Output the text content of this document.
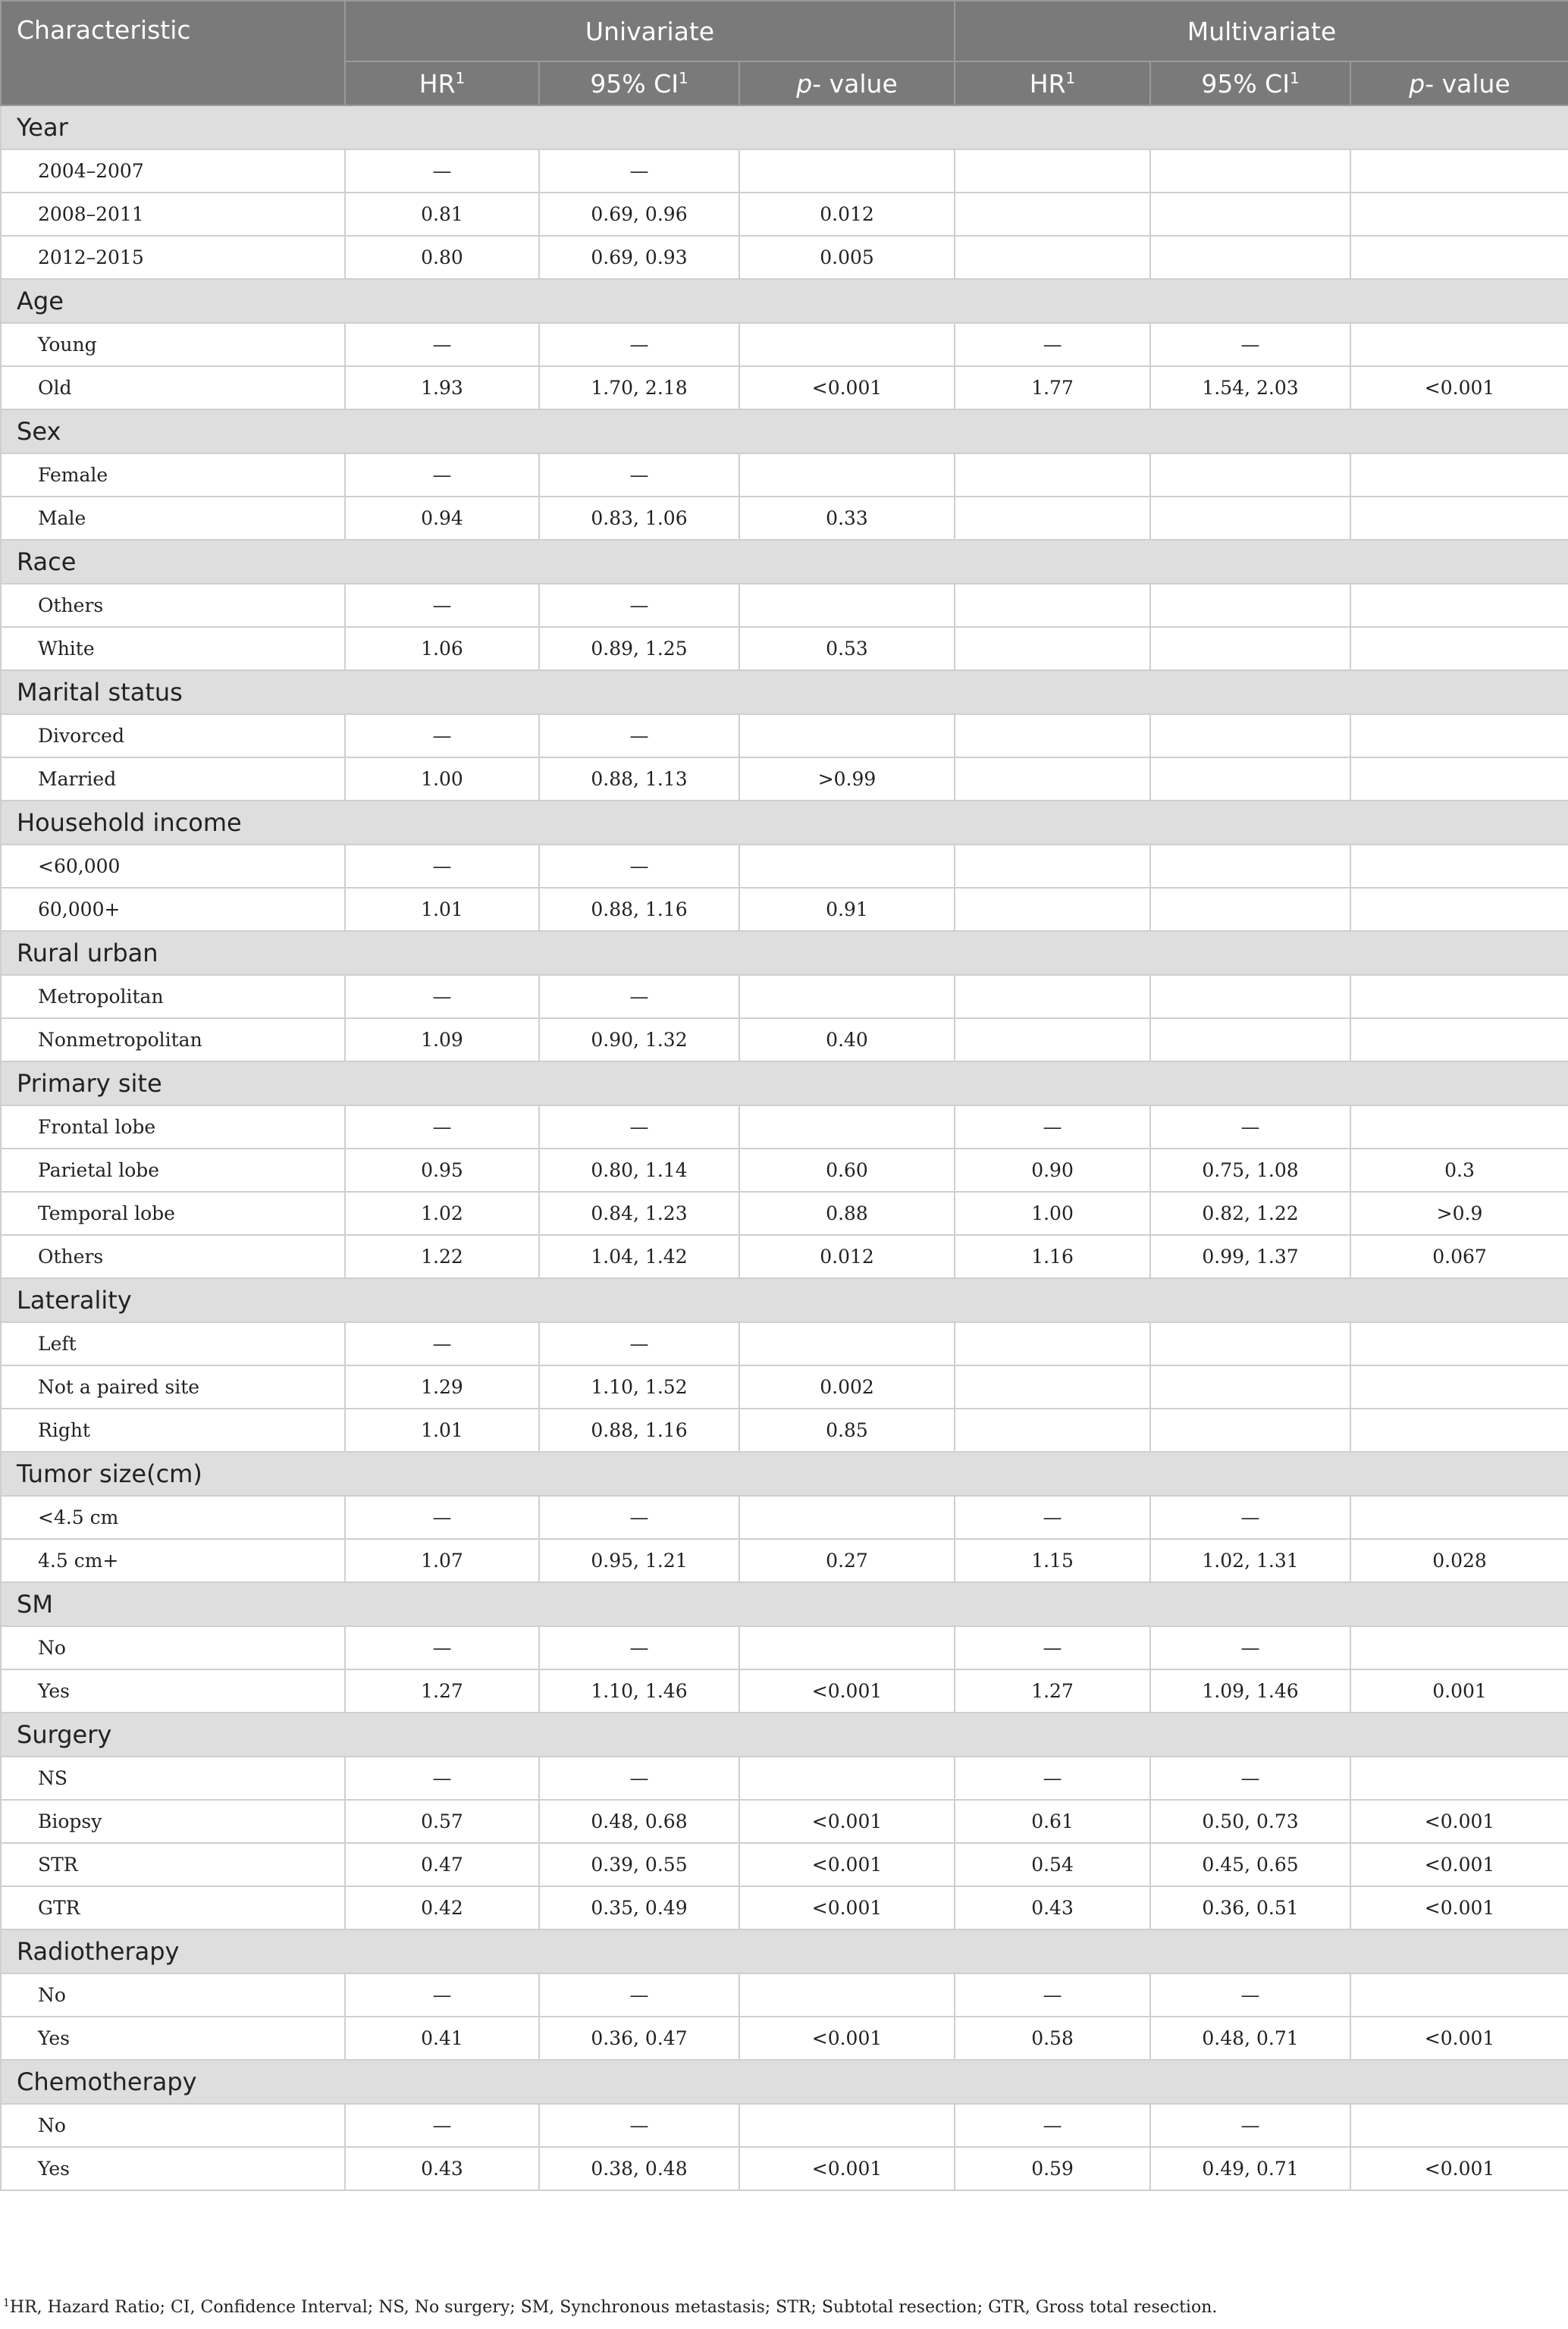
Characteristic	Univariate			Multivariate		
	$HR^1$	95% $CI^1$	p- value	$HR^1$	95% $CI^1$	p- value
Year						
2004–2007	—	—				
2008–2011	0.81	0.69, 0.96	0.012			
2012–2015	0.80	0.69, 0.93	0.005			
Age						
Young	—	—		—	—	
Old	1.93	1.70, 2.18	<0.001	1.77	1.54, 2.03	<0.001
Sex						
Female	—	—				
Male	0.94	0.83, 1.06	0.33			
Race						
Others	—	—				
White	1.06	0.89, 1.25	0.53			
Marital status						
Divorced	—	—				
Married	1.00	0.88, 1.13	>0.99			
Household income						
<60,000	—	—				
60,000+	1.01	0.88, 1.16	0.91			
Rural urban						
Metropolitan	—	—				
Nonmetropolitan	1.09	0.90, 1.32	0.40			
Primary site						
Frontal lobe	—	—		—	—	
Parietal lobe	0.95	0.80, 1.14	0.60	0.90	0.75, 1.08	0.3
Temporal lobe	1.02	0.84, 1.23	0.88	1.00	0.82, 1.22	>0.9
Others	1.22	1.04, 1.42	0.012	1.16	0.99, 1.37	0.067
Laterality						
Left	—	—				
Not a paired site	1.29	1.10, 1.52	0.002			
Right	1.01	0.88, 1.16	0.85			
Tumor size(cm)						
<4.5 cm	—	—		—	—	
4.5 cm+	1.07	0.95, 1.21	0.27	1.15	1.02, 1.31	0.028
SM						
No	—	—		—	—	
Yes	1.27	1.10, 1.46	<0.001	1.27	1.09, 1.46	0.001
Surgery						
NS	—	—		—	—	
Biopsy	0.57	0.48, 0.68	<0.001	0.61	0.50, 0.73	<0.001
STR	0.47	0.39, 0.55	<0.001	0.54	0.45, 0.65	<0.001
GTR	0.42	0.35, 0.49	<0.001	0.43	0.36, 0.51	<0.001
Radiotherapy						
No	—	—		—	—	
Yes	0.41	0.36, 0.47	<0.001	0.58	0.48, 0.71	<0.001
Chemotherapy						
No	—	—		—	—	
Yes	0.43	0.38, 0.48	<0.001	0.59	0.49, 0.71	<0.001
$^1$HR, Hazard Ratio; CI, Confidence Interval; NS, No surgery; SM, Synchronous metastasis; STR; Subtotal resection; GTR, Gross total resection.
